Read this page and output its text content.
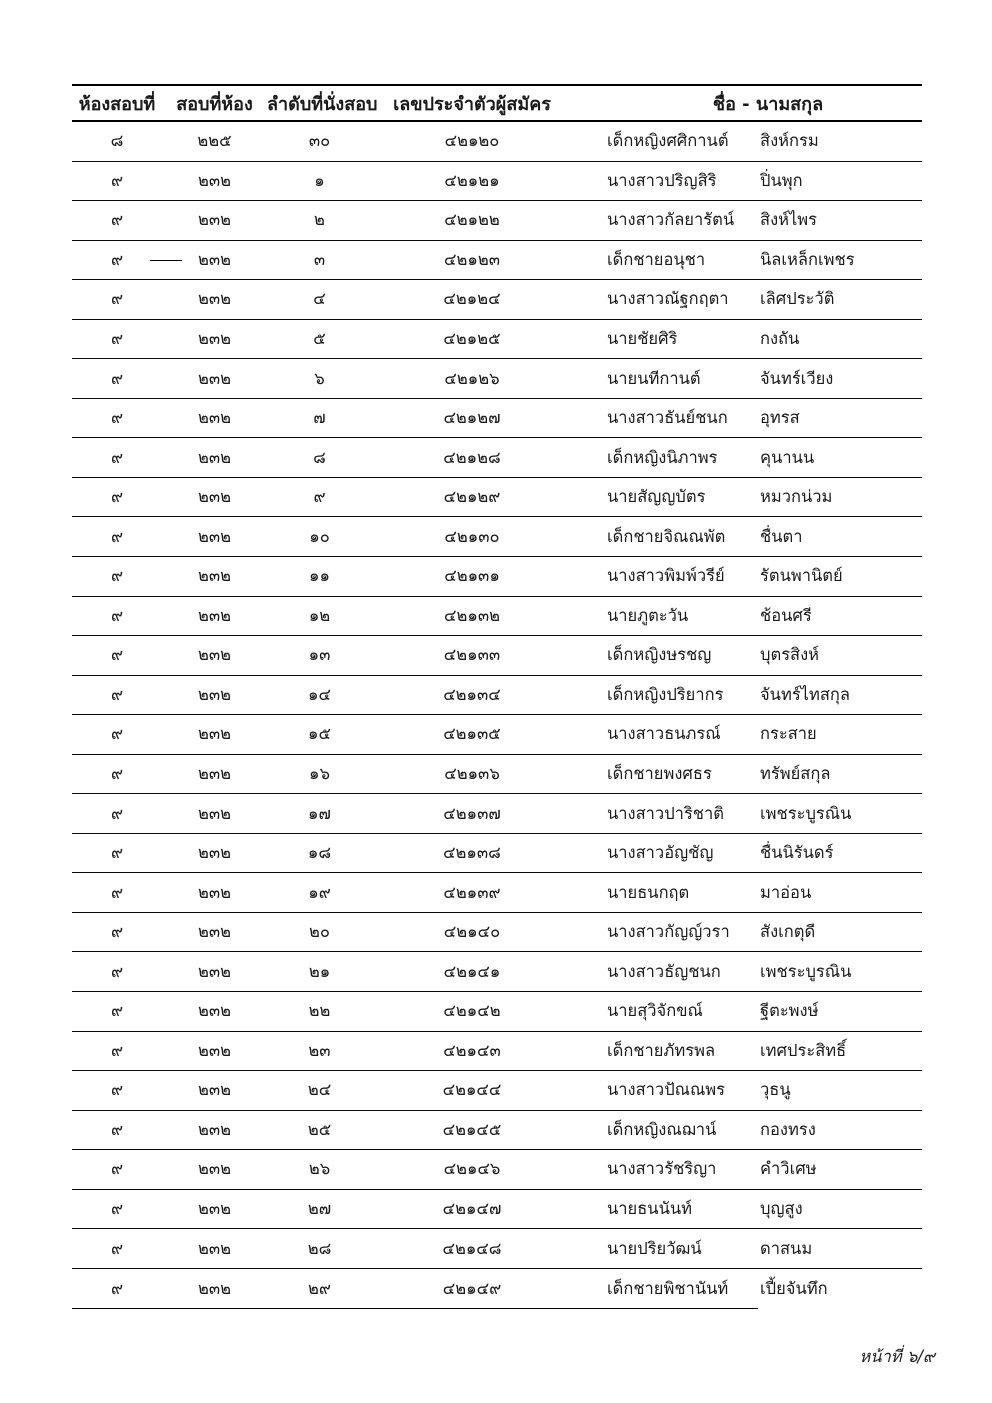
ห้องสอบที่	สอบที่ห้อง ลำดับที่นั่งสอบ เลขประจำตัวผู้สมัคร	ชื่อ - นามสกุล
๘	๒๒๕	๓๐	๔๒๑๒๐	เด็กหญิงศศิกานต์	สิงห์กรม
๙	๒๓๒	๑	๔๒๑๒๑	นางสาวปริญสิริ	ปิ่นพุก
๙	๒๓๒	๒	๔๒๑๒๒	นางสาวกัลยารัตน์	สิงห์ไพร
๙	๒๓๒	๓	๔๒๑๒๓	เด็กชายอนุชา	นิลเหล็กเพชร
๙	๒๓๒	๔	๔๒๑๒๔	นางสาวณัฐกฤตา	เลิศประวัติ
๙	๒๓๒	๕	๔๒๑๒๕	นายชัยศิริ	กงถัน
๙	๒๓๒	๖	๔๒๑๒๖	นายนทีกานต์	จันทร์เวียง
๙	๒๓๒	๗	๔๒๑๒๗	นางสาวธันย์ชนก	อุทรส
๙	๒๓๒	๘	๔๒๑๒๘	เด็กหญิงนิภาพร	คุนานน
๙	๒๓๒	๙	๔๒๑๒๙	นายสัญญบัตร	หมวกน่วม
๙	๒๓๒	๑๐	๔๒๑๓๐	เด็กชายจิณณพัต	ชื่นตา
๙	๒๓๒	๑๑	๔๒๑๓๑	นางสาวพิมพ์วรีย์	รัตนพานิตย์
๙	๒๓๒	๑๒	๔๒๑๓๒	นายภูตะวัน	ช้อนศรี
๙	๒๓๒	๑๓	๔๒๑๓๓	เด็กหญิงษรชญ	บุตรสิงห์
๙	๒๓๒	๑๔	๔๒๑๓๔	เด็กหญิงปริยากร	จันทร์ไทสกุล
๙	๒๓๒	๑๕	๔๒๑๓๕	นางสาวธนภรณ์	กระสาย
๙	๒๓๒	๑๖	๔๒๑๓๖	เด็กชายพงศธร	ทรัพย์สกุล
๙	๒๓๒	๑๗	๔๒๑๓๗	นางสาวปาริชาติ	เพชระบูรณิน
๙	๒๓๒	๑๘	๔๒๑๓๘	นางสาวอัญชัญ	ชื่นนิรันดร์
๙	๒๓๒	๑๙	๔๒๑๓๙	นายธนกฤต	มาอ่อน
๙	๒๓๒	๒๐	๔๒๑๔๐	นางสาวกัญญ์วรา	สังเกตุดี
๙	๒๓๒	๒๑	๔๒๑๔๑	นางสาวธัญชนก	เพชระบูรณิน
๙	๒๓๒	๒๒	๔๒๑๔๒	นายสุวิจักขณ์	ฐีตะพงษ์
๙	๒๓๒	๒๓	๔๒๑๔๓	เด็กชายภัทรพล	เทศประสิทธิ์
๙	๒๓๒	๒๔	๔๒๑๔๔	นางสาวปัณณพร	วุธนู
๙	๒๓๒	๒๕	๔๒๑๔๕	เด็กหญิงณฌาน์	กองทรง
๙	๒๓๒	๒๖	๔๒๑๔๖	นางสาวรัชริญา	คำวิเศษ
๙	๒๓๒	๒๗	๔๒๑๔๗	นายธนนันท์	บุญสูง
๙	๒๓๒	๒๘	๔๒๑๔๘	นายปริยวัฒน์	ดาสนม
๙	๒๓๒	๒๙	๔๒๑๔๙	เด็กชายพิชานันท์	เปี้ยจันทึก
หน้าที่ ๖/๙
